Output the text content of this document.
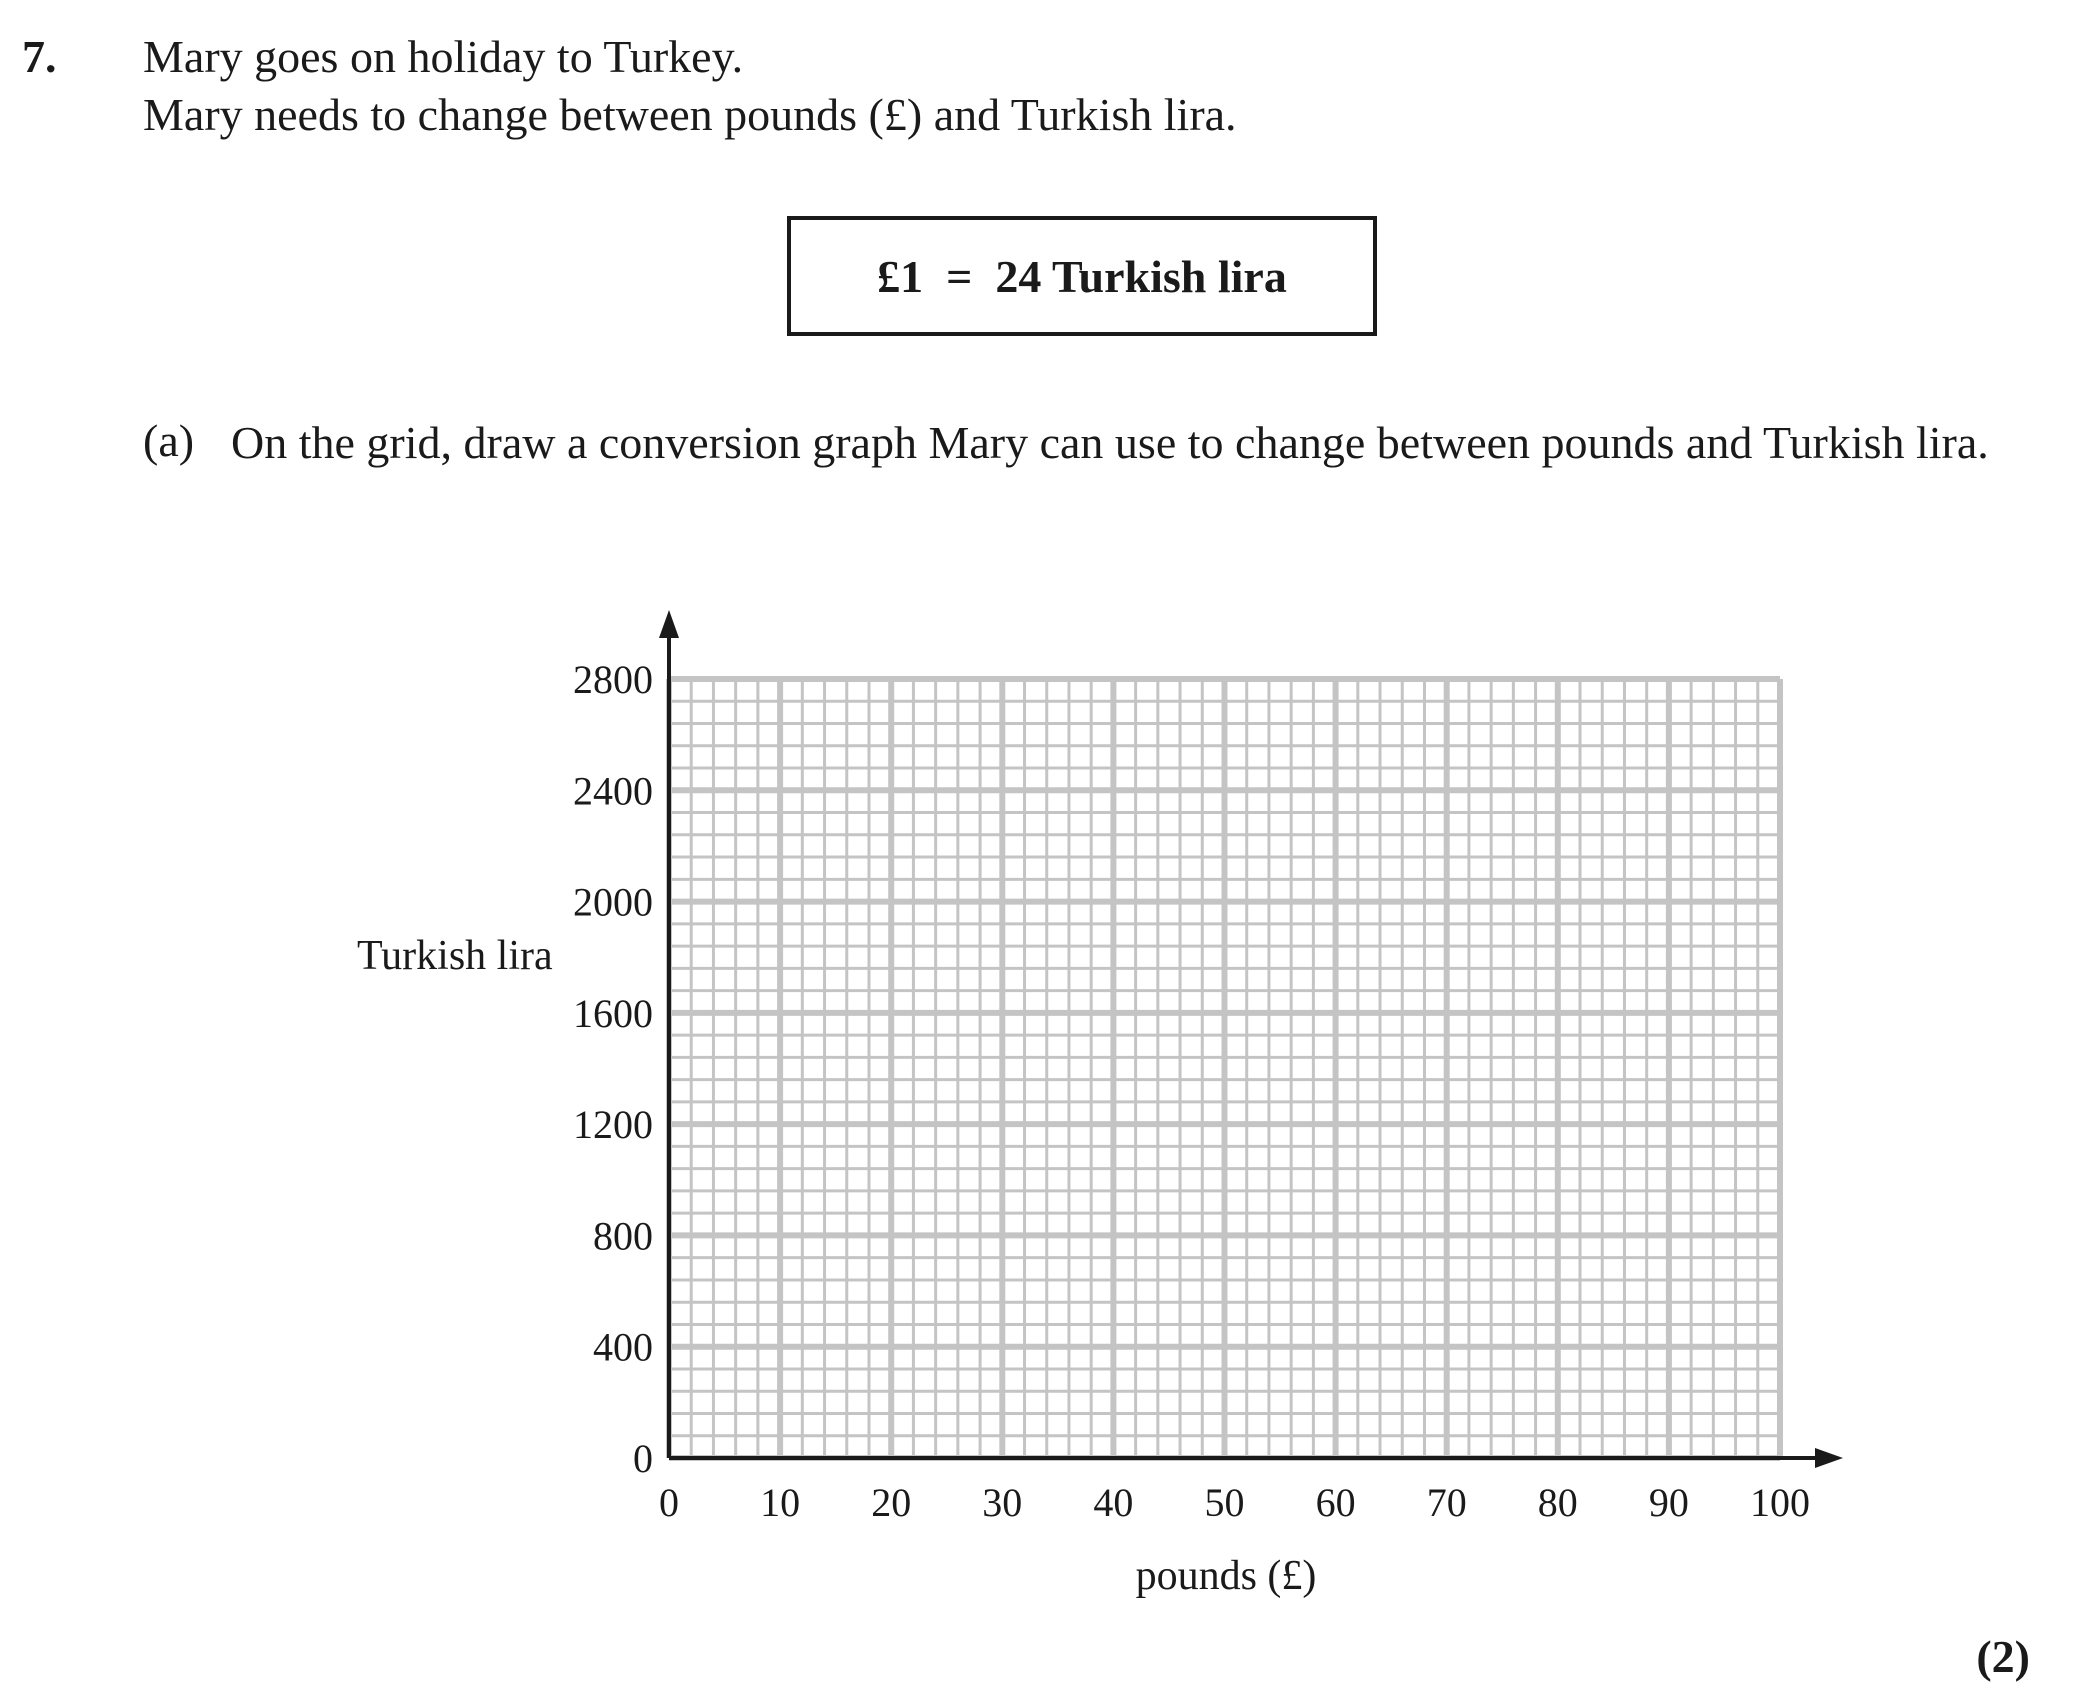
7. Mary goes on holiday to Turkey.
Mary needs to change between pounds (£) and Turkish lira.
£1  =  24 Turkish lira
(a) On the grid, draw a conversion graph Mary can use to change between pounds and Turkish lira.
Turkish lira
(2)
0 10 20 30 40 50 60 70 80 90 100
0
400
800
1200
1600
2000
2400
2800
pounds (£)
